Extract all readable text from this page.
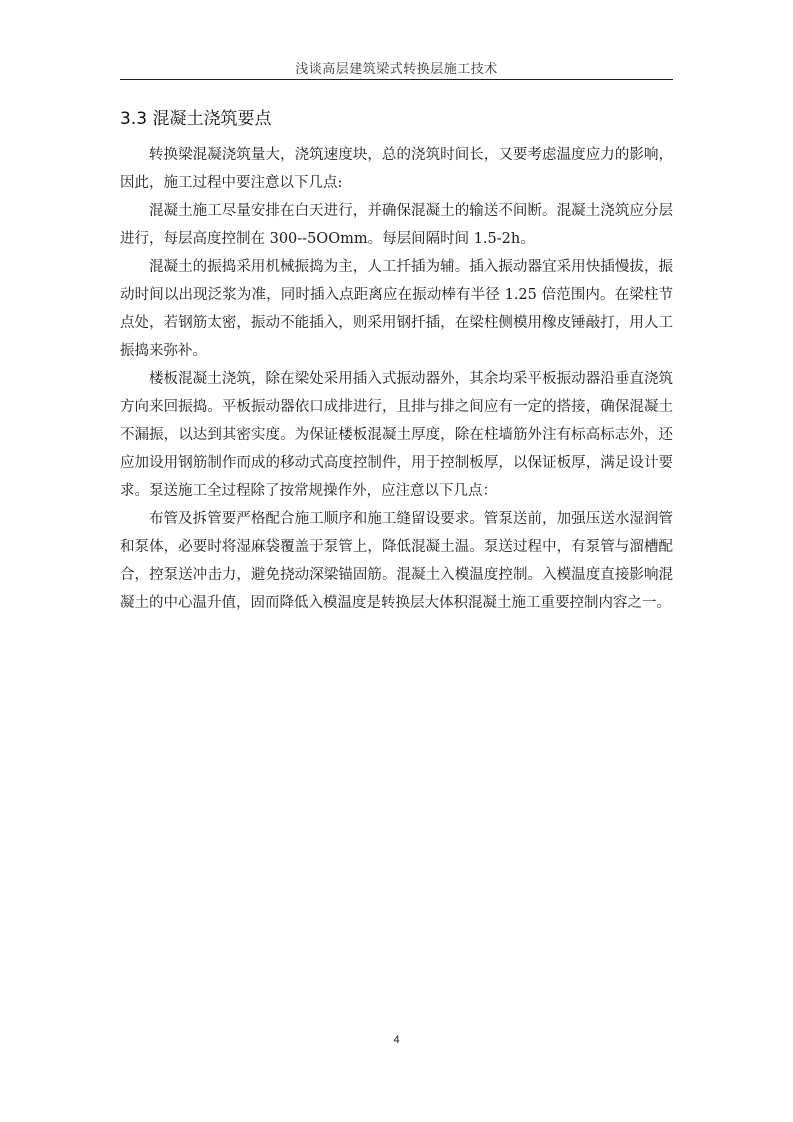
浅谈高层建筑梁式转换层施工技术
3.3 混凝土浇筑要点

转换梁混凝浇筑量大，浇筑速度块，总的浇筑时间长，又要考虑温度应力的影响，因此，施工过程中要注意以下几点:

混凝土施工尽量安排在白天进行，并确保混凝土的输送不间断。混凝土浇筑应分层进行，每层高度控制在 300--5OOmm。每层间隔时间 1.5-2h。

混凝土的振捣采用机械振捣为主，人工扦插为辅。插入振动器宜采用快插慢拔，振动时间以出现泛浆为准，同时插入点距离应在振动棒有半径 1.25 倍范围内。在梁柱节点处，若钢筋太密，振动不能插入，则采用钢扦插，在梁柱侧模用橡皮锤敲打，用人工振捣来弥补。

楼板混凝土浇筑，除在梁处采用插入式振动器外，其余均采平板振动器沿垂直浇筑方向来回振捣。平板振动器依口成排进行，且排与排之间应有一定的搭接，确保混凝土不漏振，以达到其密实度。为保证楼板混凝土厚度，除在柱墙筋外注有标高标志外，还应加设用钢筋制作而成的移动式高度控制件，用于控制板厚，以保证板厚，满足设计要求。泵送施工全过程除了按常规操作外，应注意以下几点：

布管及拆管要严格配合施工顺序和施工缝留设要求。管泵送前，加强压送水湿润管和泵体，必要时将湿麻袋覆盖于泵管上，降低混凝土温。泵送过程中，有泵管与溜槽配合，控泵送冲击力，避免挠动深梁锚固筋。混凝土入模温度控制。入模温度直接影响混凝土的中心温升值，固而降低入模温度是转换层大体积混凝土施工重要控制内容之一。

4
